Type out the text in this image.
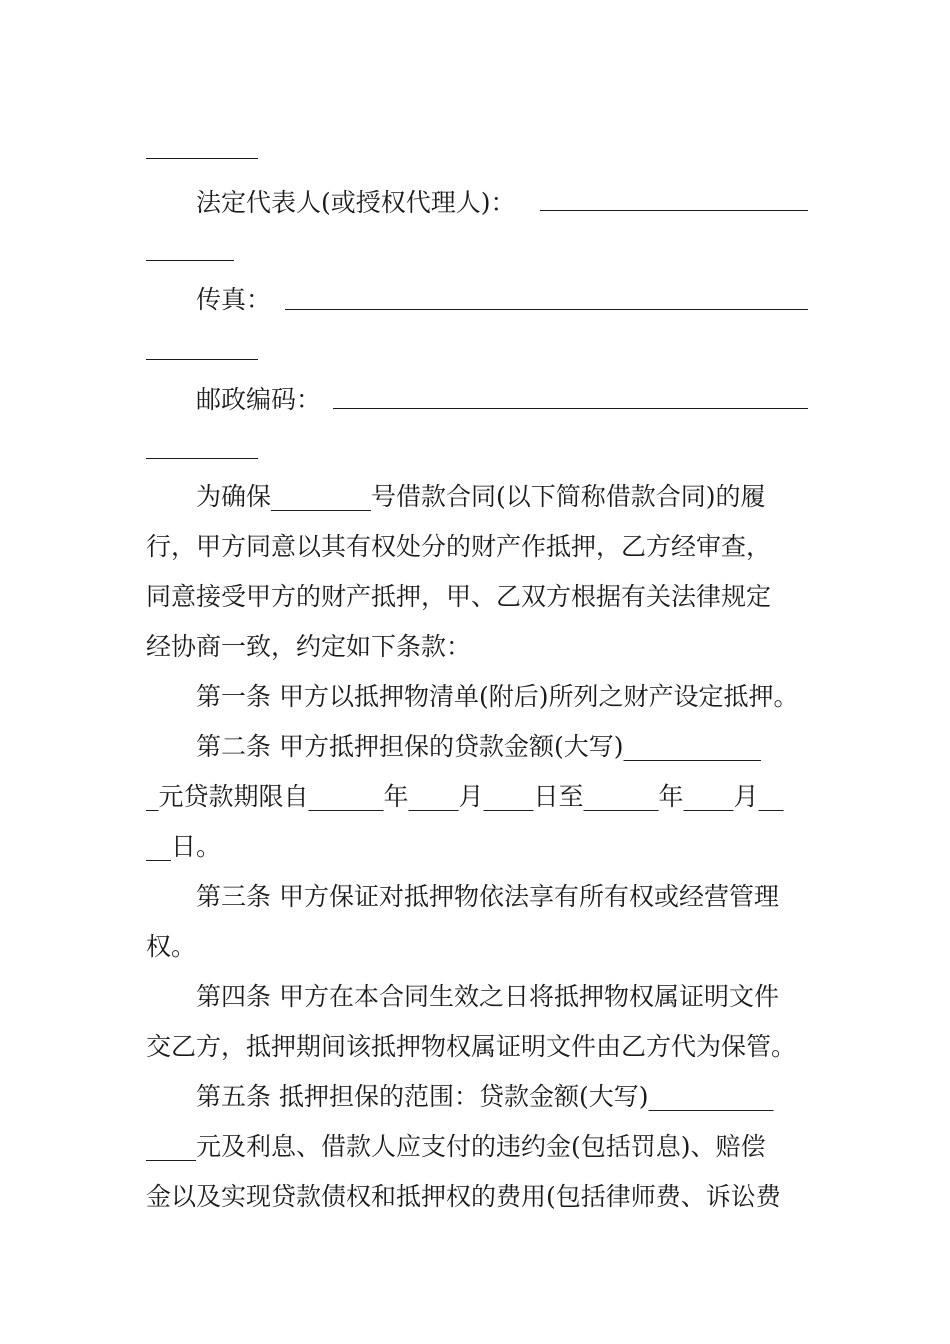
法定代表人(或授权代理人)：
传真：
邮政编码：
为确保________号借款合同(以下简称借款合同)的履
行，甲方同意以其有权处分的财产作抵押，乙方经审查，
同意接受甲方的财产抵押，甲、乙双方根据有关法律规定
经协商一致，约定如下条款：
第一条 甲方以抵押物清单(附后)所列之财产设定抵押。
第二条 甲方抵押担保的贷款金额(大写)___________
_元贷款期限自______年____月____日至______年____月__
__日。
第三条 甲方保证对抵押物依法享有所有权或经营管理
权。
第四条 甲方在本合同生效之日将抵押物权属证明文件
交乙方，抵押期间该抵押物权属证明文件由乙方代为保管。
第五条 抵押担保的范围：贷款金额(大写)__________
____元及利息、借款人应支付的违约金(包括罚息)、赔偿
金以及实现贷款债权和抵押权的费用(包括律师费、诉讼费
